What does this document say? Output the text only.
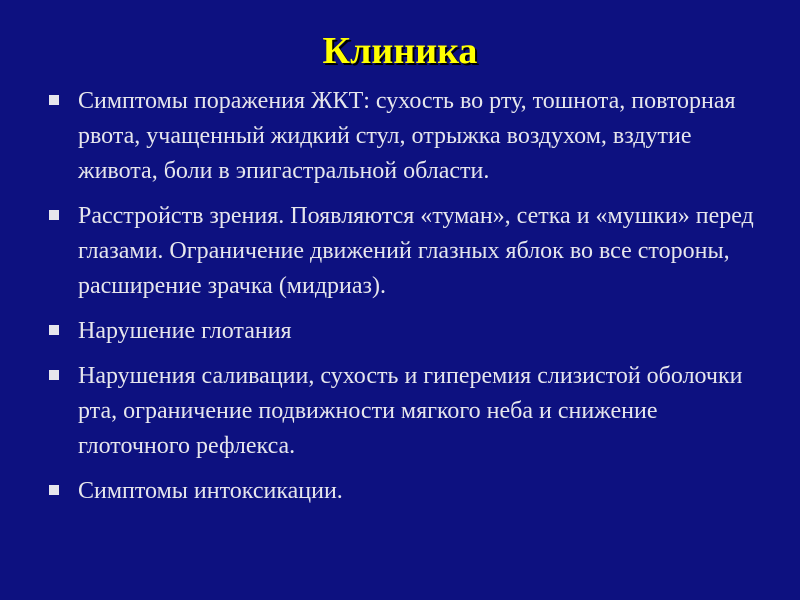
Клиника
Симптомы поражения ЖКТ: сухость во рту, тошнота, повторная рвота, учащенный жидкий стул, отрыжка воздухом, вздутие живота, боли в эпигастральной области.
Расстройств зрения. Появляются «туман», сетка и «мушки» перед глазами. Ограничение движений глазных яблок во все стороны, расширение зрачка (мидриаз).
Нарушение глотания
Нарушения саливации, сухость и гиперемия слизистой оболочки рта, ограничение подвижности мягкого неба и снижение глоточного рефлекса.
Симптомы интоксикации.
